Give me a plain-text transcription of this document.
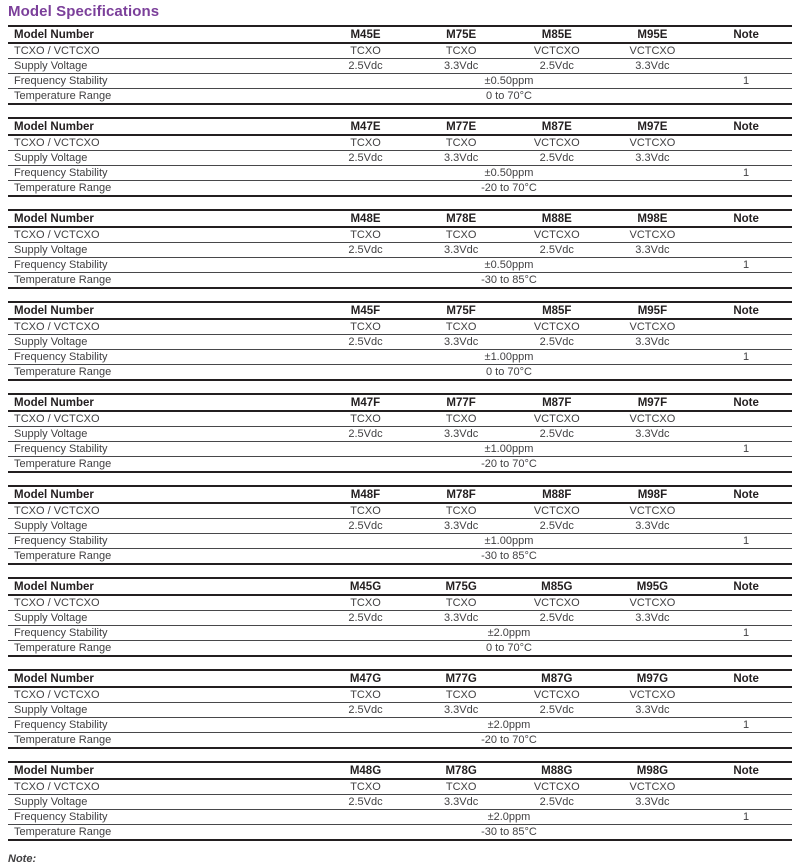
Model Specifications
Model Number	M45E	M75E	M85E	M95E	Note
TCXO / VCTCXO	TCXO	TCXO	VCTCXO	VCTCXO
Supply Voltage	2.5Vdc	3.3Vdc	2.5Vdc	3.3Vdc
Frequency Stability	±0.50ppm	1
Temperature Range	0 to 70°C
Model Number	M47E	M77E	M87E	M97E	Note
TCXO / VCTCXO	TCXO	TCXO	VCTCXO	VCTCXO
Supply Voltage	2.5Vdc	3.3Vdc	2.5Vdc	3.3Vdc
Frequency Stability	±0.50ppm	1
Temperature Range	-20 to 70°C
Model Number	M48E	M78E	M88E	M98E	Note
TCXO / VCTCXO	TCXO	TCXO	VCTCXO	VCTCXO
Supply Voltage	2.5Vdc	3.3Vdc	2.5Vdc	3.3Vdc
Frequency Stability	±0.50ppm	1
Temperature Range	-30 to 85°C
Model Number	M45F	M75F	M85F	M95F	Note
TCXO / VCTCXO	TCXO	TCXO	VCTCXO	VCTCXO
Supply Voltage	2.5Vdc	3.3Vdc	2.5Vdc	3.3Vdc
Frequency Stability	±1.00ppm	1
Temperature Range	0 to 70°C
Model Number	M47F	M77F	M87F	M97F	Note
TCXO / VCTCXO	TCXO	TCXO	VCTCXO	VCTCXO
Supply Voltage	2.5Vdc	3.3Vdc	2.5Vdc	3.3Vdc
Frequency Stability	±1.00ppm	1
Temperature Range	-20 to 70°C
Model Number	M48F	M78F	M88F	M98F	Note
TCXO / VCTCXO	TCXO	TCXO	VCTCXO	VCTCXO
Supply Voltage	2.5Vdc	3.3Vdc	2.5Vdc	3.3Vdc
Frequency Stability	±1.00ppm	1
Temperature Range	-30 to 85°C
Model Number	M45G	M75G	M85G	M95G	Note
TCXO / VCTCXO	TCXO	TCXO	VCTCXO	VCTCXO
Supply Voltage	2.5Vdc	3.3Vdc	2.5Vdc	3.3Vdc
Frequency Stability	±2.0ppm	1
Temperature Range	0 to 70°C
Model Number	M47G	M77G	M87G	M97G	Note
TCXO / VCTCXO	TCXO	TCXO	VCTCXO	VCTCXO
Supply Voltage	2.5Vdc	3.3Vdc	2.5Vdc	3.3Vdc
Frequency Stability	±2.0ppm	1
Temperature Range	-20 to 70°C
Model Number	M48G	M78G	M88G	M98G	Note
TCXO / VCTCXO	TCXO	TCXO	VCTCXO	VCTCXO
Supply Voltage	2.5Vdc	3.3Vdc	2.5Vdc	3.3Vdc
Frequency Stability	±2.0ppm	1
Temperature Range	-30 to 85°C
Note:
